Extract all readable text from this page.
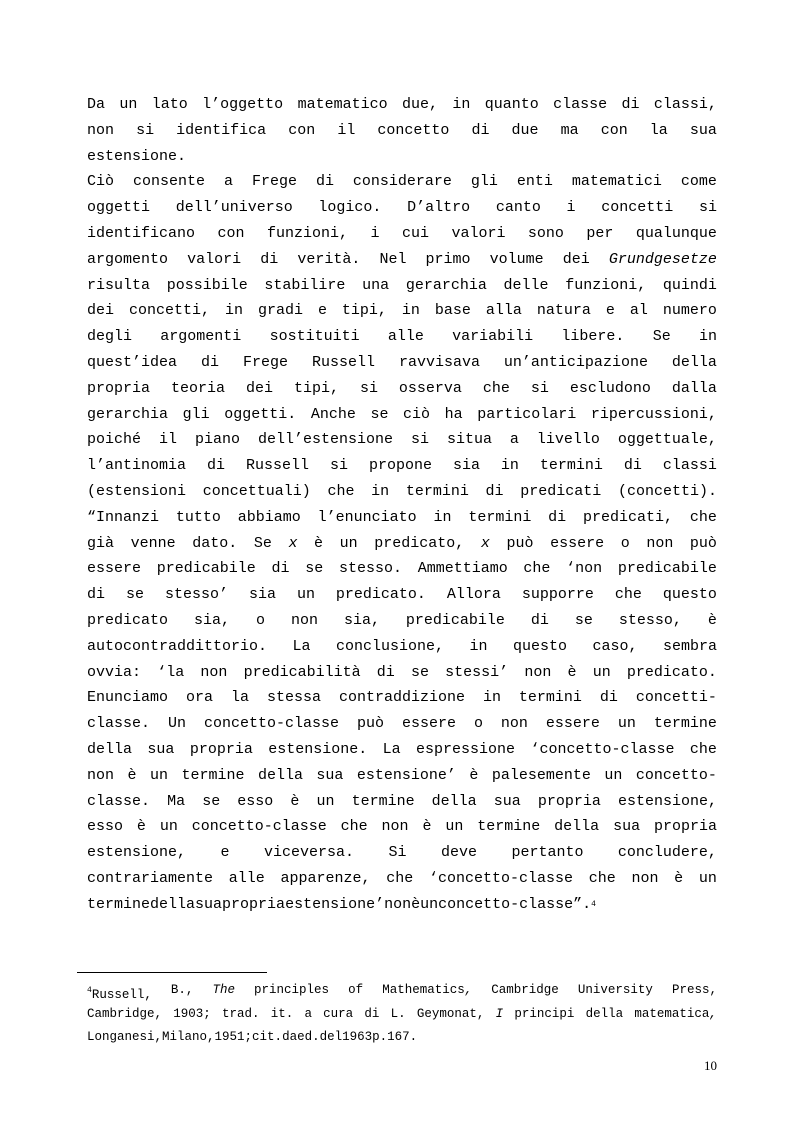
Da un lato l’oggetto matematico due, in quanto classe di classi,
non si identifica con il concetto di due ma con la sua
estensione.
Ciò consente a Frege di considerare gli enti matematici come
oggetti dell’universo logico. D’altro canto i concetti si
identificano con funzioni, i cui valori sono per qualunque
argomento valori di verità. Nel primo volume dei Grundgesetze
risulta possibile stabilire una gerarchia delle funzioni, quindi
dei concetti, in gradi e tipi, in base alla natura e al numero
degli argomenti sostituiti alle variabili libere. Se in
quest’idea di Frege Russell ravvisava un’anticipazione della
propria teoria dei tipi, si osserva che si escludono dalla
gerarchia gli oggetti. Anche se ciò ha particolari ripercussioni,
poiché il piano dell’estensione si situa a livello oggettuale,
l’antinomia di Russell si propone sia in termini di classi
(estensioni concettuali) che in termini di predicati (concetti).
“Innanzi tutto abbiamo l’enunciato in termini di predicati, che
già venne dato. Se x è un predicato, x può essere o non può
essere predicabile di se stesso. Ammettiamo che ‘non predicabile
di se stesso’ sia un predicato. Allora supporre che questo
predicato sia, o non sia, predicabile di se stesso, è
autocontraddittorio. La conclusione, in questo caso, sembra
ovvia: ‘la non predicabilità di se stessi’ non è un predicato.
Enunciamo ora la stessa contraddizione in termini di concetti-
classe. Un concetto-classe può essere o non essere un termine
della sua propria estensione. La espressione ‘concetto-classe che
non è un termine della sua estensione’ è palesemente un concetto-
classe. Ma se esso è un termine della sua propria estensione,
esso è un concetto-classe che non è un termine della sua propria
estensione, e viceversa. Si deve pertanto concludere,
contrariamente alle apparenze, che ‘concetto-classe che non è un
termine della sua propria estensione’ non è un concetto-classe”. 4
$^4$Russell, B., The principles of Mathematics, Cambridge University Press,
Cambridge, 1903; trad. it. a cura di L. Geymonat, I principi della matematica,
Longanesi, Milano, 1951; cit. da ed. del 1963 p. 167.
10
